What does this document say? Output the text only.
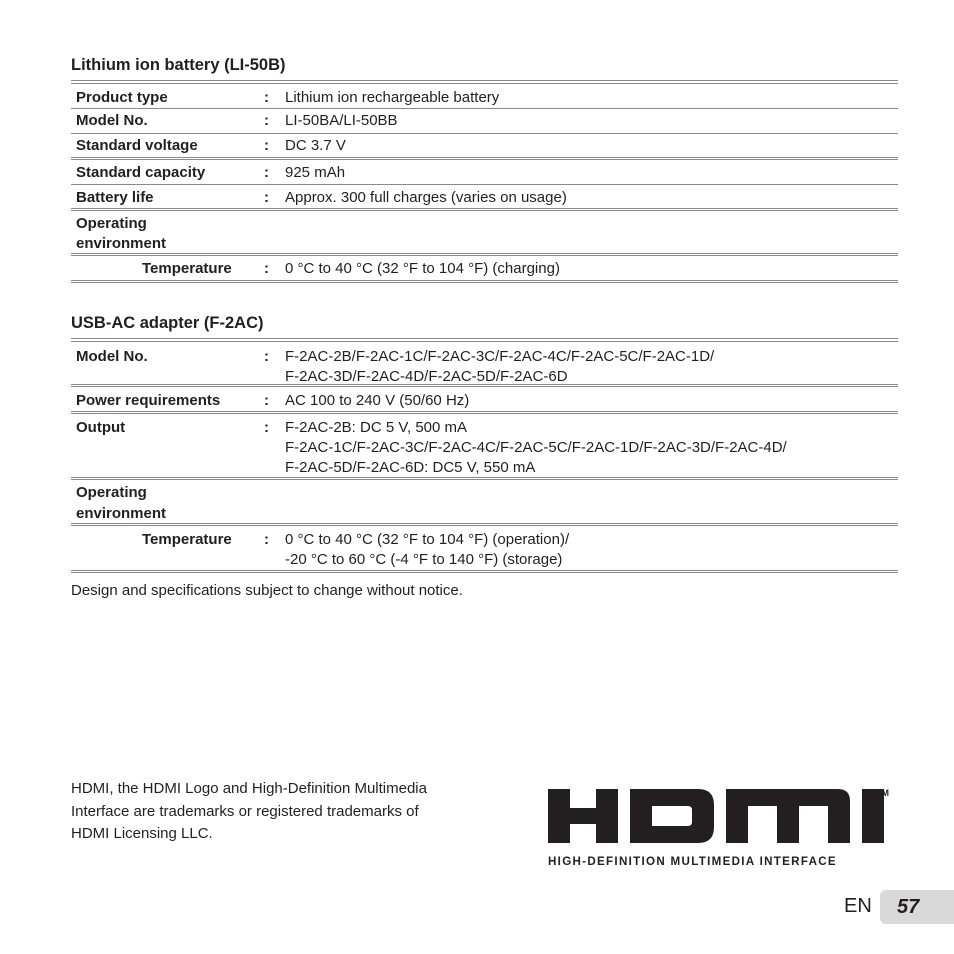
Lithium ion battery (LI-50B)
Product type	: Lithium ion rechargeable battery
Model No.	: LI-50BA/LI-50BB
Standard voltage	: DC 3.7 V
Standard capacity	: 925 mAh
Battery life	: Approx. 300 full charges (varies on usage)
Operating
environment
Temperature : 0 °C to 40 °C (32 °F to 104 °F) (charging)
USB-AC adapter (F-2AC)
Model No.	: F-2AC-2B/F-2AC-1C/F-2AC-3C/F-2AC-4C/F-2AC-5C/F-2AC-1D/
F-2AC-3D/F-2AC-4D/F-2AC-5D/F-2AC-6D
Power requirements	: AC 100 to 240 V (50/60 Hz)
Output	: F-2AC-2B: DC 5 V, 500 mA
F-2AC-1C/F-2AC-3C/F-2AC-4C/F-2AC-5C/F-2AC-1D/F-2AC-3D/F-2AC-4D/
F-2AC-5D/F-2AC-6D: DC5 V, 550 mA
Operating
environment
Temperature : 0 °C to 40 °C (32 °F to 104 °F) (operation)/
-20 °C to 60 °C (-4 °F to 140 °F) (storage)

Design and specifications subject to change without notice.

HDMI, the HDMI Logo and High-Definition Multimedia
Interface are trademarks or registered trademarks of
HDMI Licensing LLC.
TM
HIGH-DEFINITION MULTIMEDIA INTERFACE
EN 57
